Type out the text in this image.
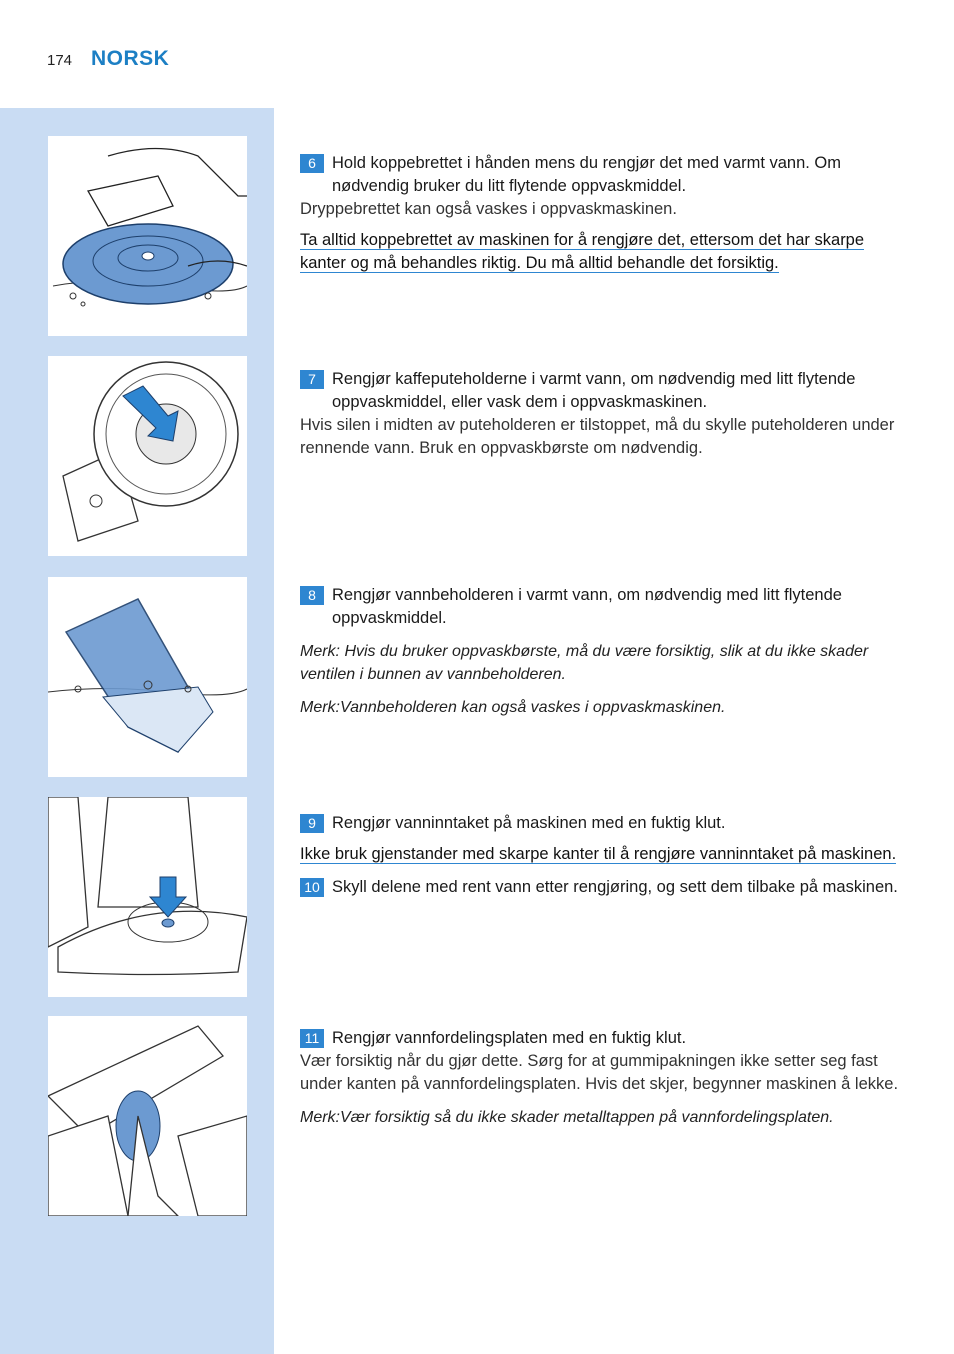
174 NORSK
6 Hold koppebrettet i hånden mens du rengjør det med varmt vann. Om nødvendig bruker du litt flytende oppvaskmiddel.
Dryppebrettet kan også vaskes i oppvaskmaskinen.
Ta alltid koppebrettet av maskinen for å rengjøre det, ettersom det har skarpe kanter og må behandles riktig. Du må alltid behandle det forsiktig.
7 Rengjør kaffeputeholderne i varmt vann, om nødvendig med litt flytende oppvaskmiddel, eller vask dem i oppvaskmaskinen.
Hvis silen i midten av puteholderen er tilstoppet, må du skylle puteholderen under rennende vann. Bruk en oppvaskbørste om nødvendig.
8 Rengjør vannbeholderen i varmt vann, om nødvendig med litt flytende oppvaskmiddel.
Merk: Hvis du bruker oppvaskbørste, må du være forsiktig, slik at du ikke skader ventilen i bunnen av vannbeholderen.
Merk:Vannbeholderen kan også vaskes i oppvaskmaskinen.
9 Rengjør vanninntaket på maskinen med en fuktig klut.
Ikke bruk gjenstander med skarpe kanter til å rengjøre vanninntaket på maskinen.
10 Skyll delene med rent vann etter rengjøring, og sett dem tilbake på maskinen.
11 Rengjør vannfordelingsplaten med en fuktig klut.
Vær forsiktig når du gjør dette. Sørg for at gummipakningen ikke setter seg fast under kanten på vannfordelingsplaten. Hvis det skjer, begynner maskinen å lekke.
Merk:Vær forsiktig så du ikke skader metalltappen på vannfordelingsplaten.
